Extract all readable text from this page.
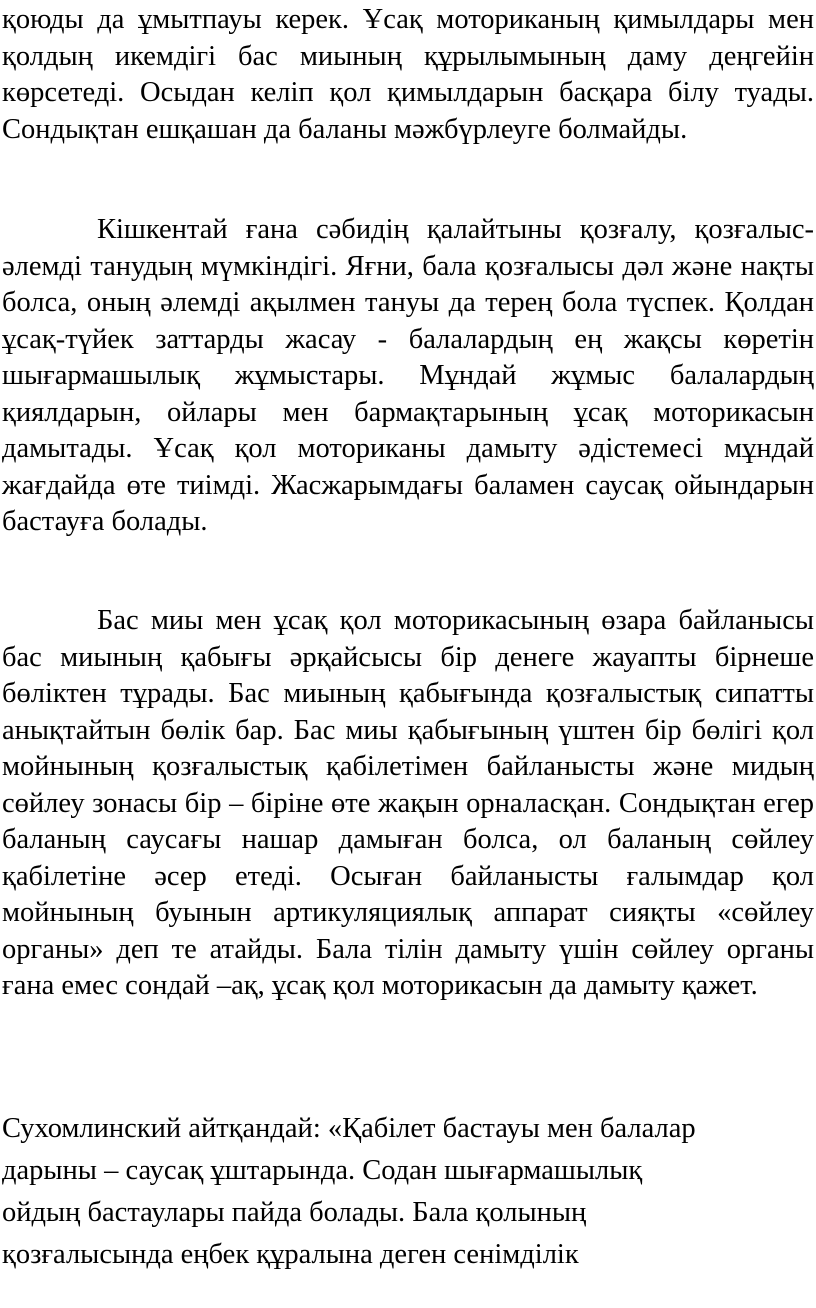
қоюды да ұмытпауы керек. Ұсақ моториканың қимылдары мен қолдың икемдігі бас миының құрылымының даму деңгейін көрсетеді. Осыдан келіп қол қимылдарын басқара білу туады. Сондықтан ешқашан да баланы мәжбүрлеуге болмайды.

Кішкентай ғана сәбидің қалайтыны қозғалу, қозғалыс- әлемді танудың мүмкіндігі. Яғни, бала қозғалысы дәл және нақты болса, оның әлемді ақылмен тануы да терең бола түспек. Қолдан ұсақ-түйек заттарды жасау - балалардың ең жақсы көретін шығармашылық жұмыстары. Мұндай жұмыс балалардың қиялдарын, ойлары мен бармақтарының ұсақ моторикасын дамытады. Ұсақ қол моториканы дамыту әдістемесі мұндай жағдайда өте тиімді. Жасжарымдағы баламен саусақ ойындарын бастауға болады.

Бас миы мен ұсақ қол моторикасының өзара байланысы бас миының қабығы әрқайсысы бір денеге жауапты бірнеше бөліктен тұрады. Бас миының қабығында қозғалыстық сипатты анықтайтын бөлік бар. Бас миы қабығының үштен бір бөлігі қол мойнының қозғалыстық қабілетімен байланысты және мидың сөйлеу зонасы бір – біріне өте жақын орналасқан. Сондықтан егер баланың саусағы нашар дамыған болса, ол баланың сөйлеу қабілетіне әсер етеді. Осыған байланысты ғалымдар қол мойнының буынын артикуляциялық аппарат сияқты «сөйлеу органы» деп те атайды. Бала тілін дамыту үшін сөйлеу органы ғана емес сондай –ақ, ұсақ қол моторикасын да дамыту қажет.

Сухомлинский айтқандай: «Қабілет бастауы мен балалар
дарыны – саусақ ұштарында. Содан шығармашылық
ойдың бастаулары пайда болады. Бала қолының
қозғалысында еңбек құралына деген сенімділік
